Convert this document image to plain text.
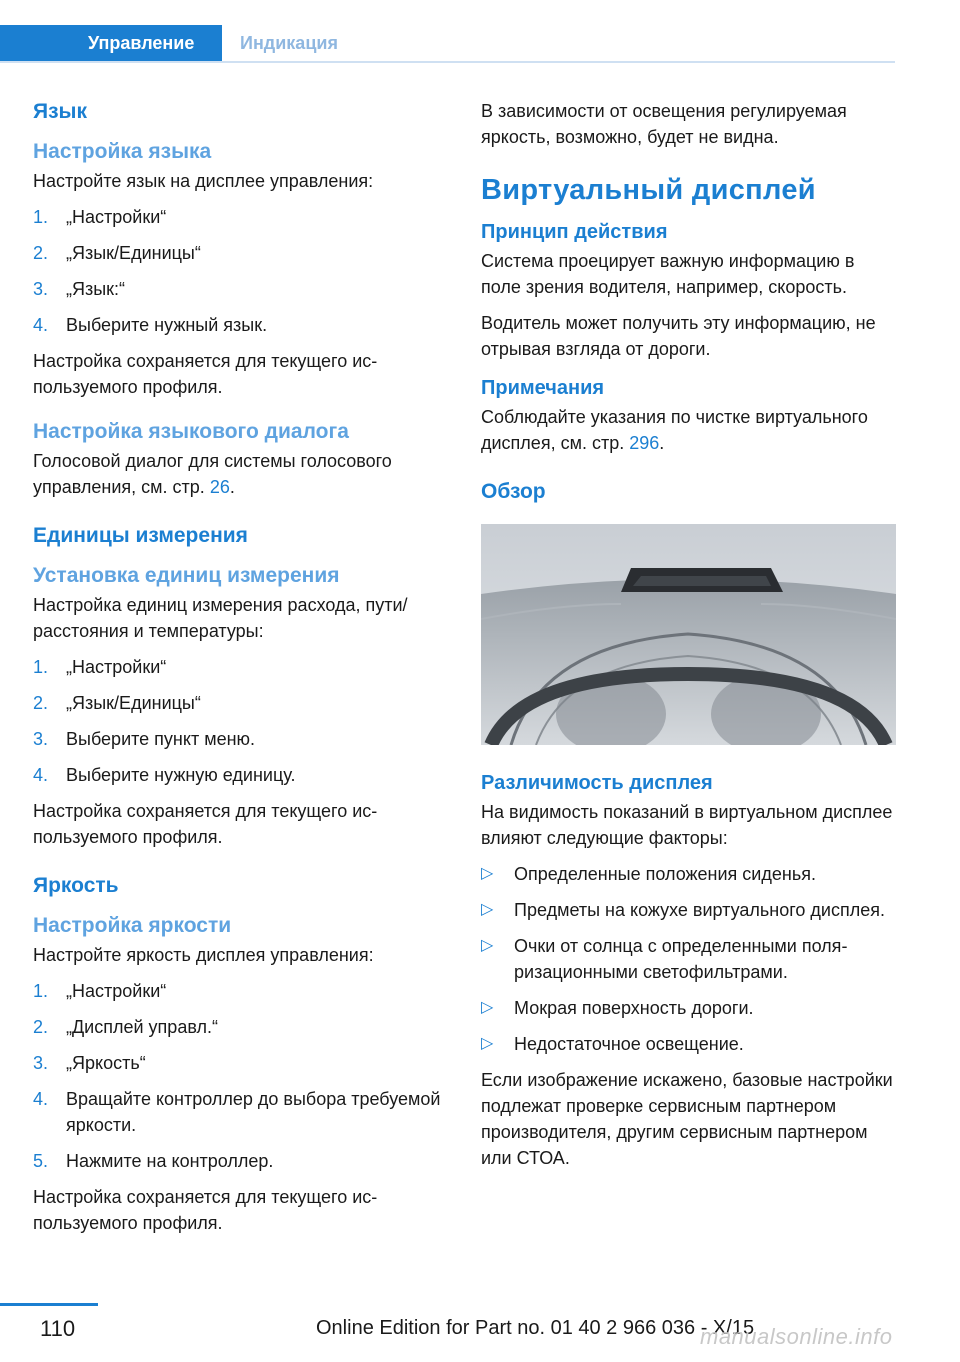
Управление	Индикация
Язык
Настройка языка

Настройте язык на дисплее управления:

1. „Настройки“
2. „Язык/Единицы“
3. „Язык:“
4. Выберите нужный язык.

Настройка сохраняется для текущего используемого профиля.

Настройка языкового диалога

Голосовой диалог для системы голосового управления, см. стр. 26.

Единицы измерения
Установка единиц измерения

Настройка единиц измерения расхода, пути/расстояния и температуры:

1. „Настройки“
2. „Язык/Единицы“
3. Выберите пункт меню.
4. Выберите нужную единицу.

Настройка сохраняется для текущего используемого профиля.

Яркость
Настройка яркости

Настройте яркость дисплея управления:

1. „Настройки“
2. „Дисплей управл.“
3. „Яркость“
4. Вращайте контроллер до выбора требуемой яркости.
5. Нажмите на контроллер.

Настройка сохраняется для текущего используемого профиля.

В зависимости от освещения регулируемая яркость, возможно, будет не видна.

Виртуальный дисплей
Принцип действия

Система проецирует важную информацию в поле зрения водителя, например, скорость.

Водитель может получить эту информацию, не отрывая взгляда от дороги.

Примечания

Соблюдайте указания по чистке виртуального дисплея, см. стр. 296.

Обзор
Различимость дисплея

На видимость показаний в виртуальном дисплее влияют следующие факторы:

▷ Определенные положения сиденья.
▷ Предметы на кожухе виртуального дисплея.
▷ Очки от солнца с определенными поляризационными светофильтрами.
▷ Мокрая поверхность дороги.
▷ Недостаточное освещение.

Если изображение искажено, базовые настройки подлежат проверке сервисным партнером производителя, другим сервисным партнером или СТОА.

110	Online Edition for Part no. 01 40 2 966 036 - X/15
manualsonline.info
